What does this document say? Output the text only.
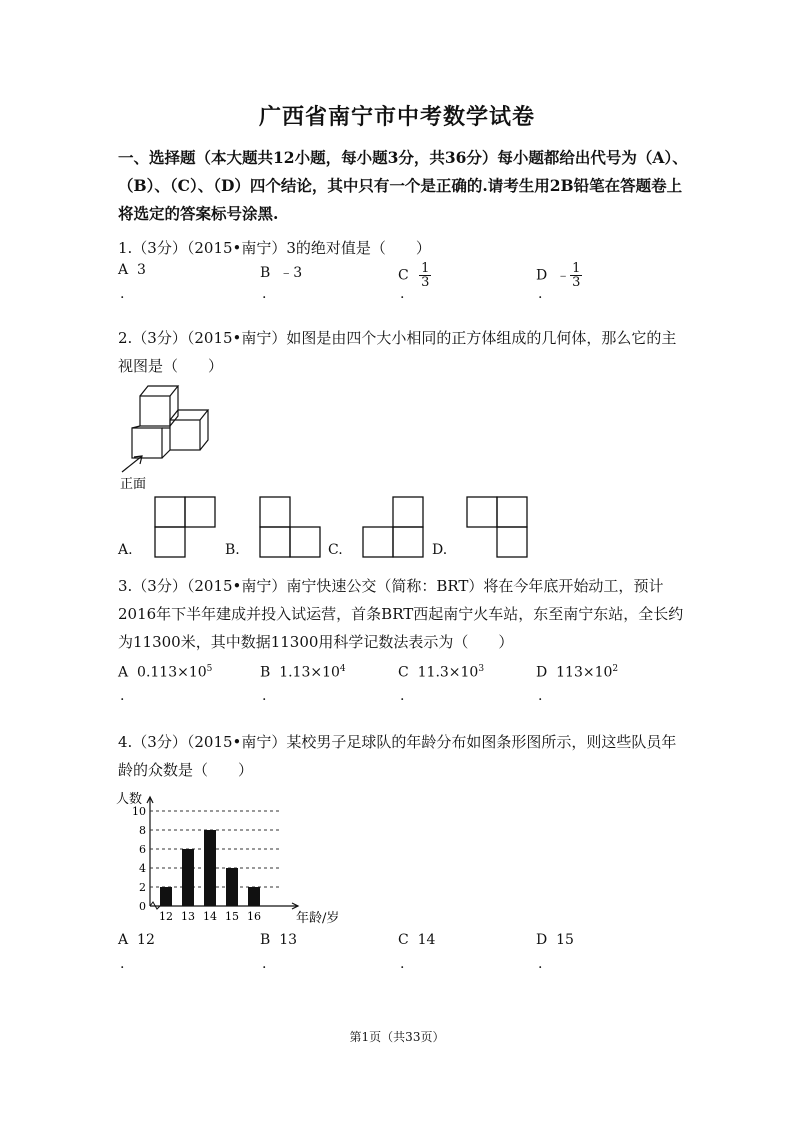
广西省南宁市中考数学试卷
一、选择题（本大题共12小题，每小题3分，共36分）每小题都给出代号为（A）、（B）、（C）、（D）四个结论，其中只有一个是正确的.请考生用2B铅笔在答题卷上将选定的答案标号涂黑.
1.（3分）（2015•南宁）3的绝对值是（　　）
A 3
.
B ﹣3
.
C $\frac{1}{3}$
.
D ﹣ $\frac{1}{3}$
.
2.（3分）（2015•南宁）如图是由四个大小相同的正方体组成的几何体，那么它的主视图是（　　）
正面
A.	B.	C.	D.
3.（3分）（2015•南宁）南宁快速公交（简称：BRT）将在今年底开始动工，预计2016年下半年建成并投入试运营，首条BRT西起南宁火车站，东至南宁东站，全长约为11300米，其中数据11300用科学记数法表示为（　　）
A $0.113\times 10^5$
.
B $1.13\times 10^4$
.
C $11.3\times 10^3$
.
D $113\times 10^2$
.
4.（3分）（2015•南宁）某校男子足球队的年龄分布如图条形图所示，则这些队员年龄的众数是（　　）
人数
年龄/岁
0
2
4
6
8
10
12 13 14 15 16
A 12
.
B 13
.
C 14
.
D 15
.
第1页（共33页）
